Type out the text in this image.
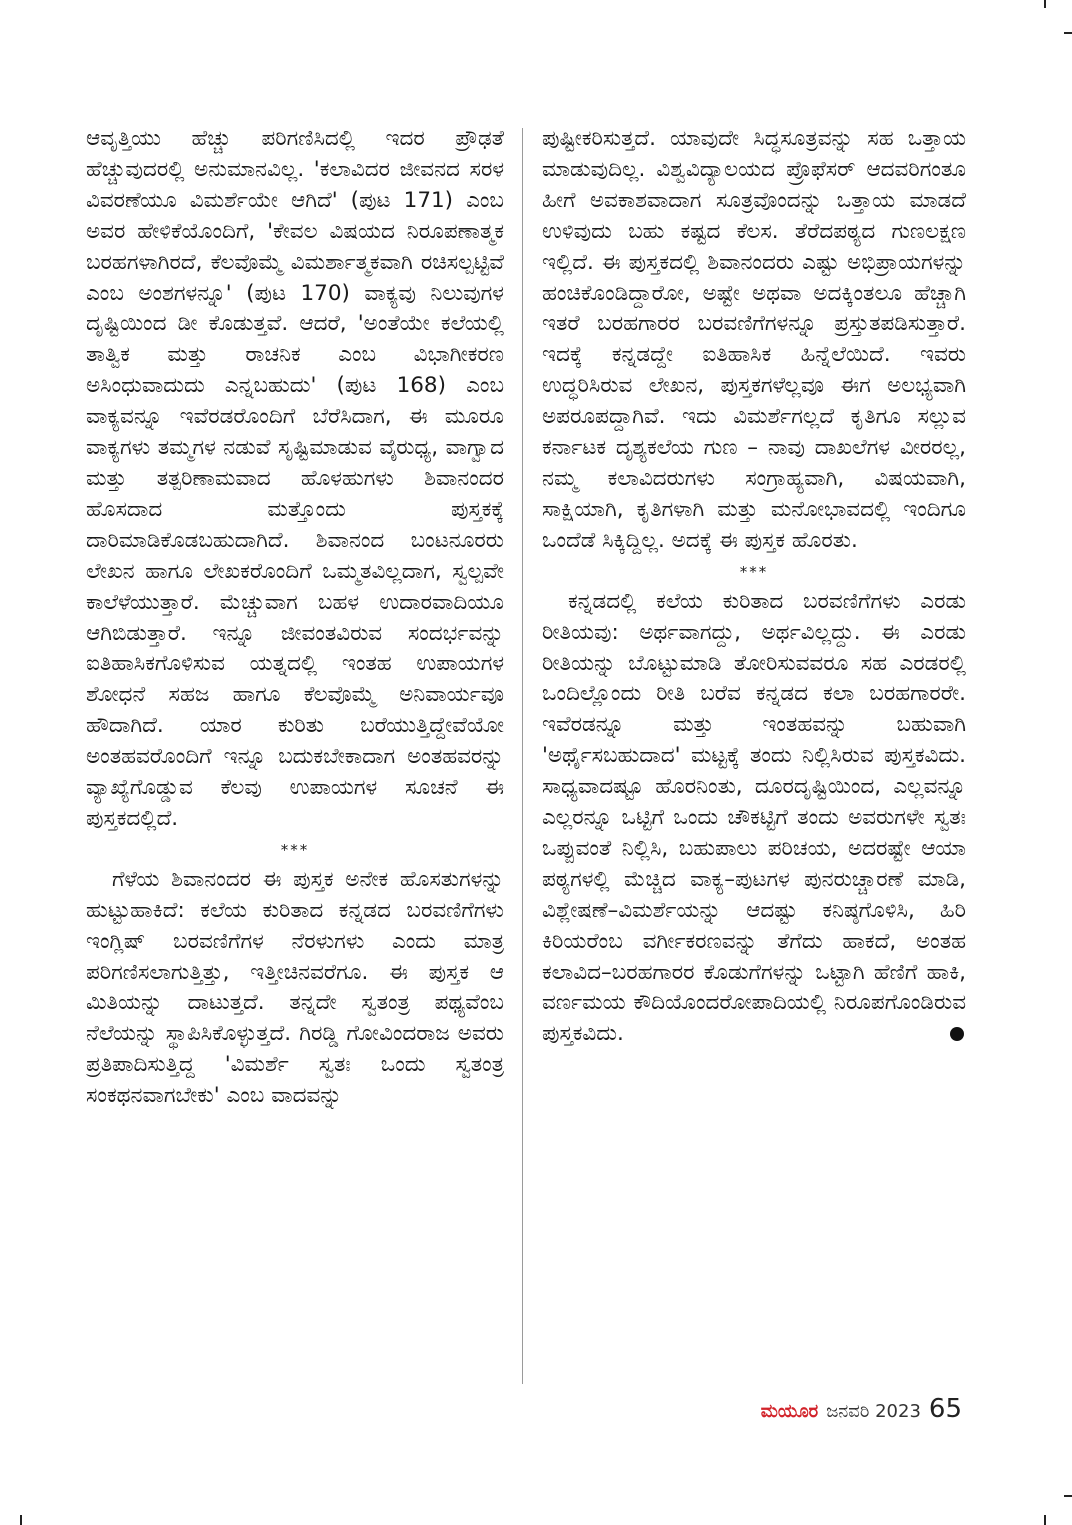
ಆವೃತ್ತಿಯು ಹೆಚ್ಚು ಪರಿಗಣಿಸಿದಲ್ಲಿ ಇದರ ಪ್ರೌಢತೆ ಹೆಚ್ಚುವುದರಲ್ಲಿ ಅನುಮಾನವಿಲ್ಲ. 'ಕಲಾವಿದರ ಜೀವನದ ಸರಳ ವಿವರಣೆಯೂ ವಿಮರ್ಶೆಯೇ ಆಗಿದೆ' (ಪುಟ 171) ಎಂಬ ಅವರ ಹೇಳಿಕೆಯೊಂದಿಗೆ, 'ಕೇವಲ ವಿಷಯದ ನಿರೂಪಣಾತ್ಮಕ ಬರಹಗಳಾಗಿರದೆ, ಕೆಲವೊಮ್ಮೆ ವಿಮರ್ಶಾತ್ಮಕವಾಗಿ ರಚಿಸಲ್ಪಟ್ಟಿವೆ ಎಂಬ ಅಂಶಗಳನ್ನೂ' (ಪುಟ 170) ವಾಕ್ಯವು ನಿಲುವುಗಳ ದೃಷ್ಟಿಯಿಂದ ಡೀ ಕೊಡುತ್ತವೆ. ಆದರೆ, 'ಅಂತೆಯೇ ಕಲೆಯಲ್ಲಿ ತಾತ್ವಿಕ ಮತ್ತು ರಾಚನಿಕ ಎಂಬ ವಿಭಾಗೀಕರಣ ಅಸಿಂಧುವಾದುದು ಎನ್ನಬಹುದು' (ಪುಟ 168) ಎಂಬ ವಾಕ್ಯವನ್ನೂ ಇವೆರಡರೊಂದಿಗೆ ಬೆರೆಸಿದಾಗ, ಈ ಮೂರೂ ವಾಕ್ಯಗಳು ತಮ್ಮಗಳ ನಡುವೆ ಸೃಷ್ಟಿಮಾಡುವ ವೈರುಧ್ಯ, ವಾಗ್ವಾದ ಮತ್ತು ತತ್ಪರಿಣಾಮವಾದ ಹೊಳಹುಗಳು ಶಿವಾನಂದರ ಹೊಸದಾದ ಮತ್ತೊಂದು ಪುಸ್ತಕಕ್ಕೆ ದಾರಿಮಾಡಿಕೊಡಬಹುದಾಗಿದೆ. ಶಿವಾನಂದ ಬಂಟನೂರರು ಲೇಖನ ಹಾಗೂ ಲೇಖಕರೊಂದಿಗೆ ಒಮ್ಮತವಿಲ್ಲದಾಗ, ಸ್ವಲ್ಪವೇ ಕಾಲೆಳೆಯುತ್ತಾರೆ. ಮೆಚ್ಚುವಾಗ ಬಹಳ ಉದಾರವಾದಿಯೂ ಆಗಿಬಿಡುತ್ತಾರೆ. ಇನ್ನೂ ಜೀವಂತವಿರುವ ಸಂದರ್ಭವನ್ನು ಐತಿಹಾಸಿಕಗೊಳಿಸುವ ಯತ್ನದಲ್ಲಿ ಇಂತಹ ಉಪಾಯಗಳ ಶೋಧನೆ ಸಹಜ ಹಾಗೂ ಕೆಲವೊಮ್ಮೆ ಅನಿವಾರ್ಯವೂ ಹೌದಾಗಿದೆ. ಯಾರ ಕುರಿತು ಬರೆಯುತ್ತಿದ್ದೇವೆಯೋ ಅಂತಹವರೊಂದಿಗೆ ಇನ್ನೂ ಬದುಕಬೇಕಾದಾಗ ಅಂತಹವರನ್ನು ವ್ಯಾಖ್ಯೆಗೊಡ್ಡುವ ಕೆಲವು ಉಪಾಯಗಳ ಸೂಚನೆ ಈ ಪುಸ್ತಕದಲ್ಲಿದೆ.

***

ಗೆಳೆಯ ಶಿವಾನಂದರ ಈ ಪುಸ್ತಕ ಅನೇಕ ಹೊಸತುಗಳನ್ನು ಹುಟ್ಟುಹಾಕಿದೆ: ಕಲೆಯ ಕುರಿತಾದ ಕನ್ನಡದ ಬರವಣಿಗೆಗಳು ಇಂಗ್ಲಿಷ್ ಬರವಣಿಗೆಗಳ ನೆರಳುಗಳು ಎಂದು ಮಾತ್ರ ಪರಿಗಣಿಸಲಾಗುತ್ತಿತ್ತು, ಇತ್ತೀಚಿನವರೆಗೂ. ಈ ಪುಸ್ತಕ ಆ ಮಿತಿಯನ್ನು ದಾಟುತ್ತದೆ. ತನ್ನದೇ ಸ್ವತಂತ್ರ ಪಥ್ಯವೆಂಬ ನೆಲೆಯನ್ನು ಸ್ಥಾಪಿಸಿಕೊಳ್ಳುತ್ತದೆ. ಗಿರಡ್ಡಿ ಗೋವಿಂದರಾಜ ಅವರು ಪ್ರತಿಪಾದಿಸುತ್ತಿದ್ದ 'ವಿಮರ್ಶೆ ಸ್ವತಃ ಒಂದು ಸ್ವತಂತ್ರ ಸಂಕಥನವಾಗಬೇಕು' ಎಂಬ ವಾದವನ್ನು

ಪುಷ್ಟೀಕರಿಸುತ್ತದೆ. ಯಾವುದೇ ಸಿದ್ಧಸೂತ್ರವನ್ನು ಸಹ ಒತ್ತಾಯ ಮಾಡುವುದಿಲ್ಲ. ವಿಶ್ವವಿದ್ಯಾಲಯದ ಪ್ರೊಫೆಸರ್ ಆದವರಿಗಂತೂ ಹೀಗೆ ಅವಕಾಶವಾದಾಗ ಸೂತ್ರವೊಂದನ್ನು ಒತ್ತಾಯ ಮಾಡದೆ ಉಳಿವುದು ಬಹು ಕಷ್ಟದ ಕೆಲಸ. ತೆರೆದಪಠ್ಯದ ಗುಣಲಕ್ಷಣ ಇಲ್ಲಿದೆ. ಈ ಪುಸ್ತಕದಲ್ಲಿ ಶಿವಾನಂದರು ಎಷ್ಟು ಅಭಿಪ್ರಾಯಗಳನ್ನು ಹಂಚಿಕೊಂಡಿದ್ದಾರೋ, ಅಷ್ಟೇ ಅಥವಾ ಅದಕ್ಕಿಂತಲೂ ಹೆಚ್ಚಾಗಿ ಇತರೆ ಬರಹಗಾರರ ಬರವಣಿಗೆಗಳನ್ನೂ ಪ್ರಸ್ತುತಪಡಿಸುತ್ತಾರೆ. ಇದಕ್ಕೆ ಕನ್ನಡದ್ದೇ ಐತಿಹಾಸಿಕ ಹಿನ್ನೆಲೆಯಿದೆ. ಇವರು ಉದ್ಧರಿಸಿರುವ ಲೇಖನ, ಪುಸ್ತಕಗಳೆಲ್ಲವೂ ಈಗ ಅಲಭ್ಯವಾಗಿ ಅಪರೂಪದ್ದಾಗಿವೆ. ಇದು ವಿಮರ್ಶೆಗಲ್ಲದೆ ಕೃತಿಗೂ ಸಲ್ಲುವ ಕರ್ನಾಟಕ ದೃಶ್ಯಕಲೆಯ ಗುಣ – ನಾವು ದಾಖಲೆಗಳ ವೀರರಲ್ಲ, ನಮ್ಮ ಕಲಾವಿದರುಗಳು ಸಂಗ್ರಾಹ್ಯವಾಗಿ, ವಿಷಯವಾಗಿ, ಸಾಕ್ಷಿಯಾಗಿ, ಕೃತಿಗಳಾಗಿ ಮತ್ತು ಮನೋಭಾವದಲ್ಲಿ ಇಂದಿಗೂ ಒಂದೆಡೆ ಸಿಕ್ಕಿದ್ದಿಲ್ಲ. ಅದಕ್ಕೆ ಈ ಪುಸ್ತಕ ಹೊರತು.

***

ಕನ್ನಡದಲ್ಲಿ ಕಲೆಯ ಕುರಿತಾದ ಬರವಣಿಗೆಗಳು ಎರಡು ರೀತಿಯವು: ಅರ್ಥವಾಗದ್ದು, ಅರ್ಥವಿಲ್ಲದ್ದು. ಈ ಎರಡು ರೀತಿಯನ್ನು ಬೊಟ್ಟುಮಾಡಿ ತೋರಿಸುವವರೂ ಸಹ ಎರಡರಲ್ಲಿ ಒಂದಿಲ್ಲೊಂದು ರೀತಿ ಬರೆವ ಕನ್ನಡದ ಕಲಾ ಬರಹಗಾರರೇ. ಇವೆರಡನ್ನೂ ಮತ್ತು ಇಂತಹವನ್ನು ಬಹುವಾಗಿ 'ಅರ್ಥೈಸಬಹುದಾದ' ಮಟ್ಟಕ್ಕೆ ತಂದು ನಿಲ್ಲಿಸಿರುವ ಪುಸ್ತಕವಿದು. ಸಾಧ್ಯವಾದಷ್ಟೂ ಹೊರನಿಂತು, ದೂರದೃಷ್ಟಿಯಿಂದ, ಎಲ್ಲವನ್ನೂ ಎಲ್ಲರನ್ನೂ ಒಟ್ಟಿಗೆ ಒಂದು ಚೌಕಟ್ಟಿಗೆ ತಂದು ಅವರುಗಳೇ ಸ್ವತಃ ಒಪ್ಪುವಂತೆ ನಿಲ್ಲಿಸಿ, ಬಹುಪಾಲು ಪರಿಚಯ, ಅದರಷ್ಟೇ ಆಯಾ ಪಠ್ಯಗಳಲ್ಲಿ ಮೆಚ್ಚಿದ ವಾಕ್ಯ–ಪುಟಗಳ ಪುನರುಚ್ಚಾರಣೆ ಮಾಡಿ, ವಿಶ್ಲೇಷಣೆ–ವಿಮರ್ಶೆಯನ್ನು ಆದಷ್ಟು ಕನಿಷ್ಠಗೊಳಿಸಿ, ಹಿರಿ ಕಿರಿಯರೆಂಬ ವರ್ಗೀಕರಣವನ್ನು ತೆಗೆದು ಹಾಕದೆ, ಅಂತಹ ಕಲಾವಿದ–ಬರಹಗಾರರ ಕೊಡುಗೆಗಳನ್ನು ಒಟ್ಟಾಗಿ ಹೆಣಿಗೆ ಹಾಕಿ, ವರ್ಣಮಯ ಕೌದಿಯೊಂದರೋಪಾದಿಯಲ್ಲಿ ನಿರೂಪಗೊಂಡಿರುವ ಪುಸ್ತಕವಿದು.

ಮಯೂರ ಜನವರಿ 2023 65
